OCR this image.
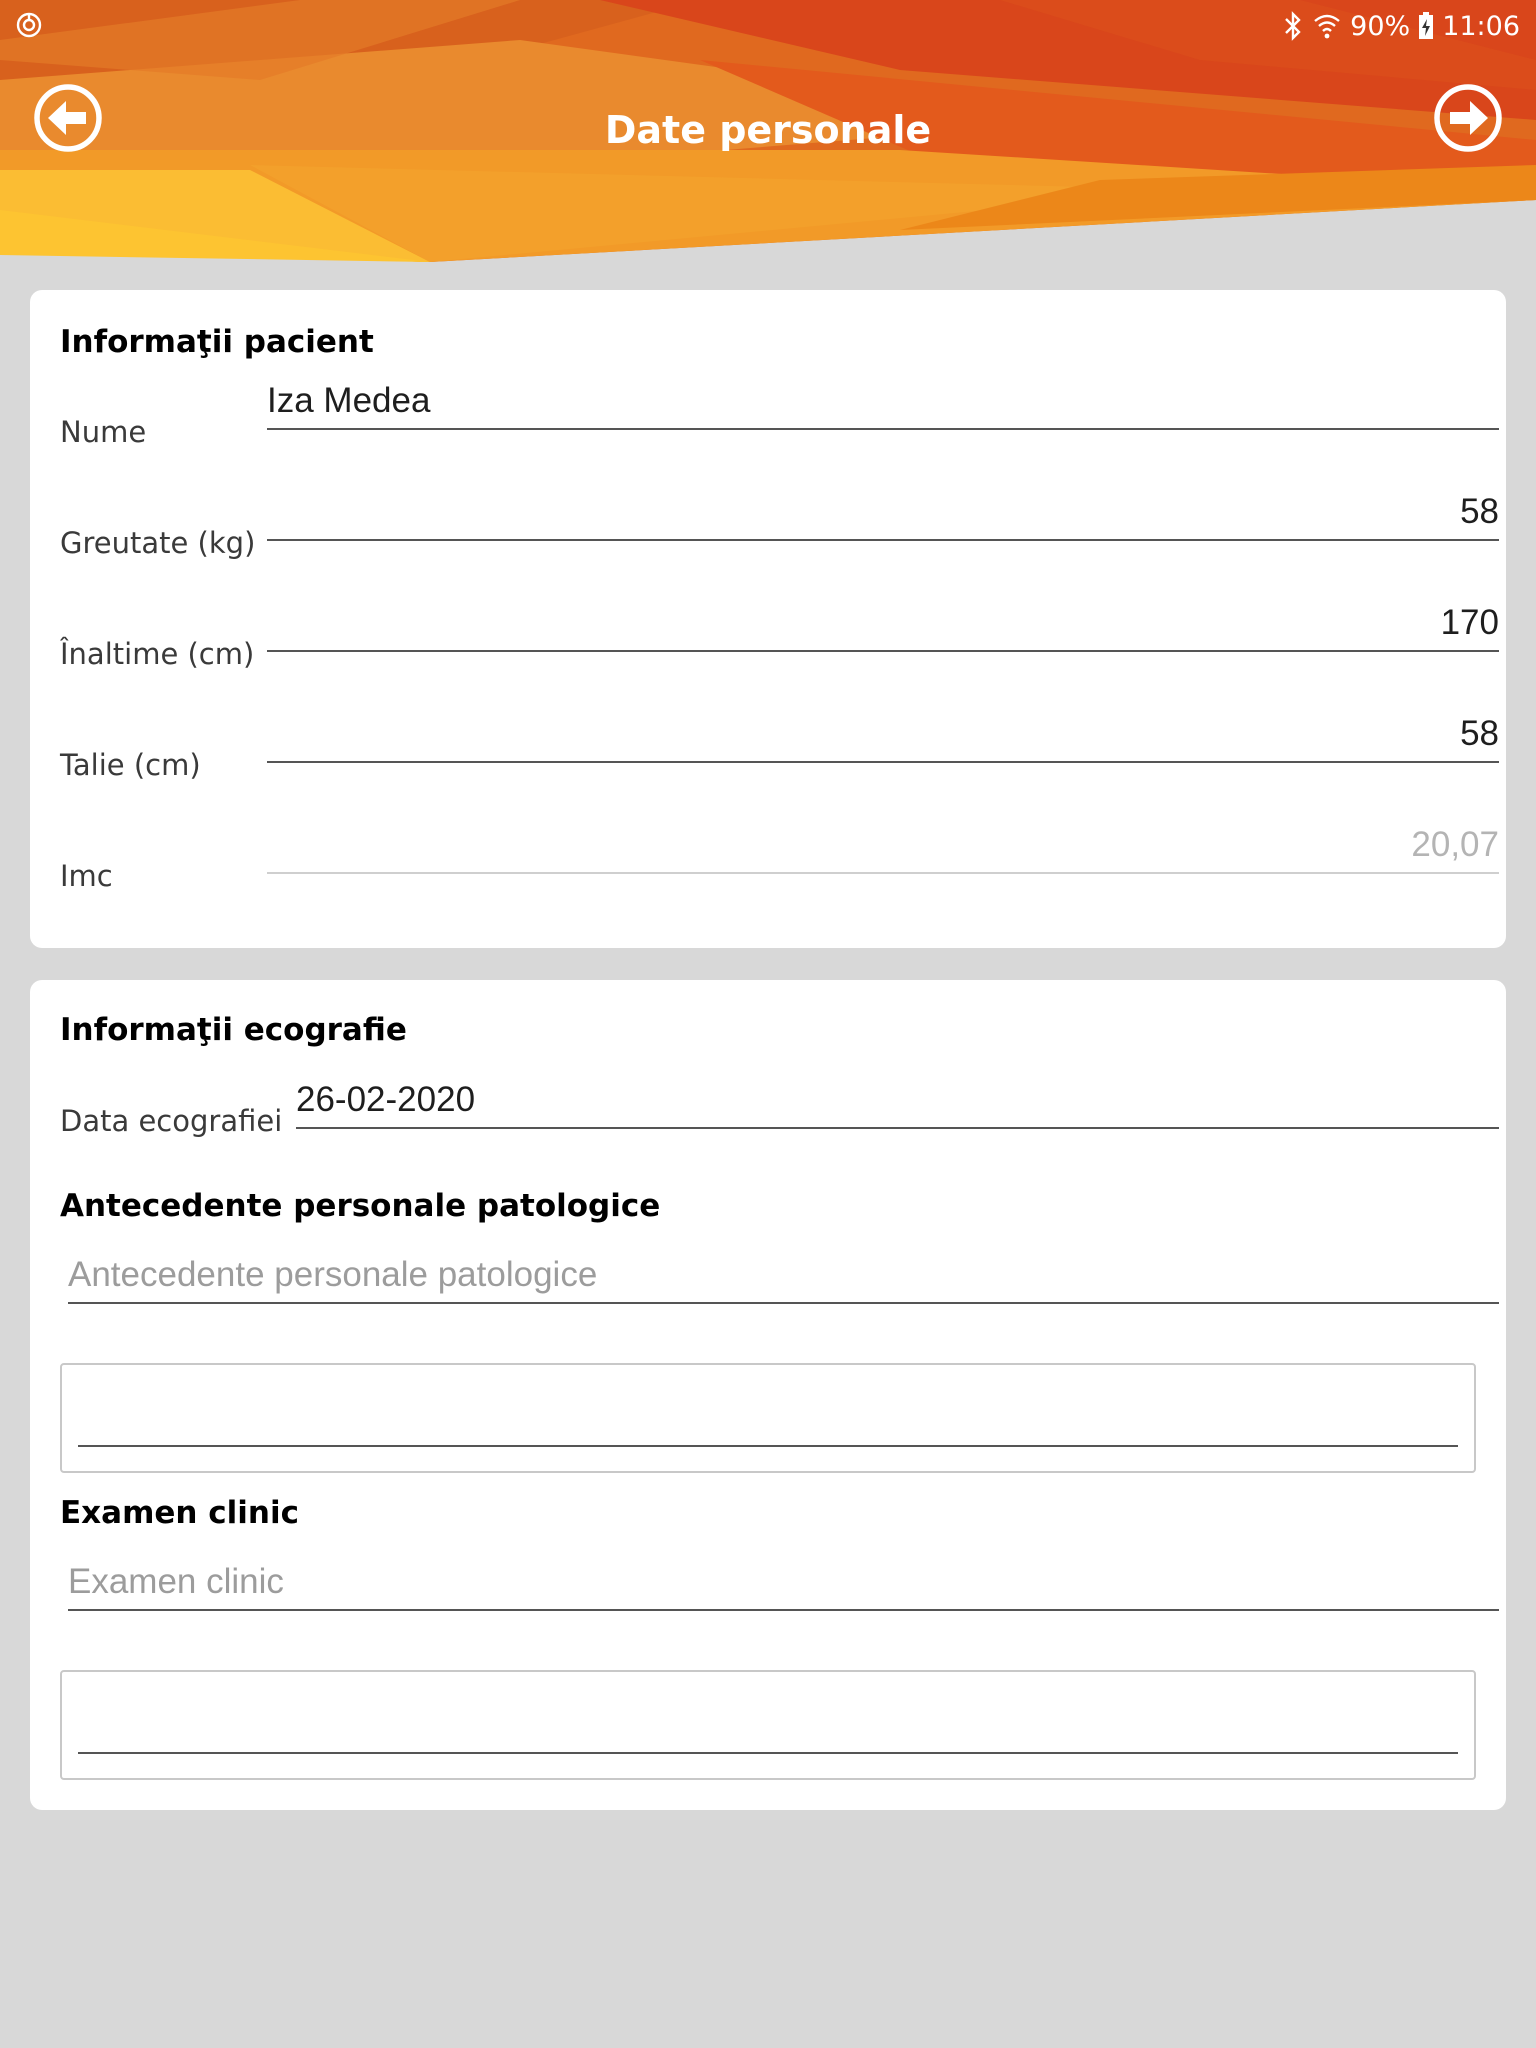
90% 11:06
Date personale
Informaţii pacient
Nume
Iza Medea
Greutate (kg)
58
Înaltime (cm)
170
Talie (cm)
58
Imc
20,07
Informaţii ecografie
Data ecografiei
26-02-2020
Antecedente personale patologice
Antecedente personale patologice
Examen clinic
Examen clinic
